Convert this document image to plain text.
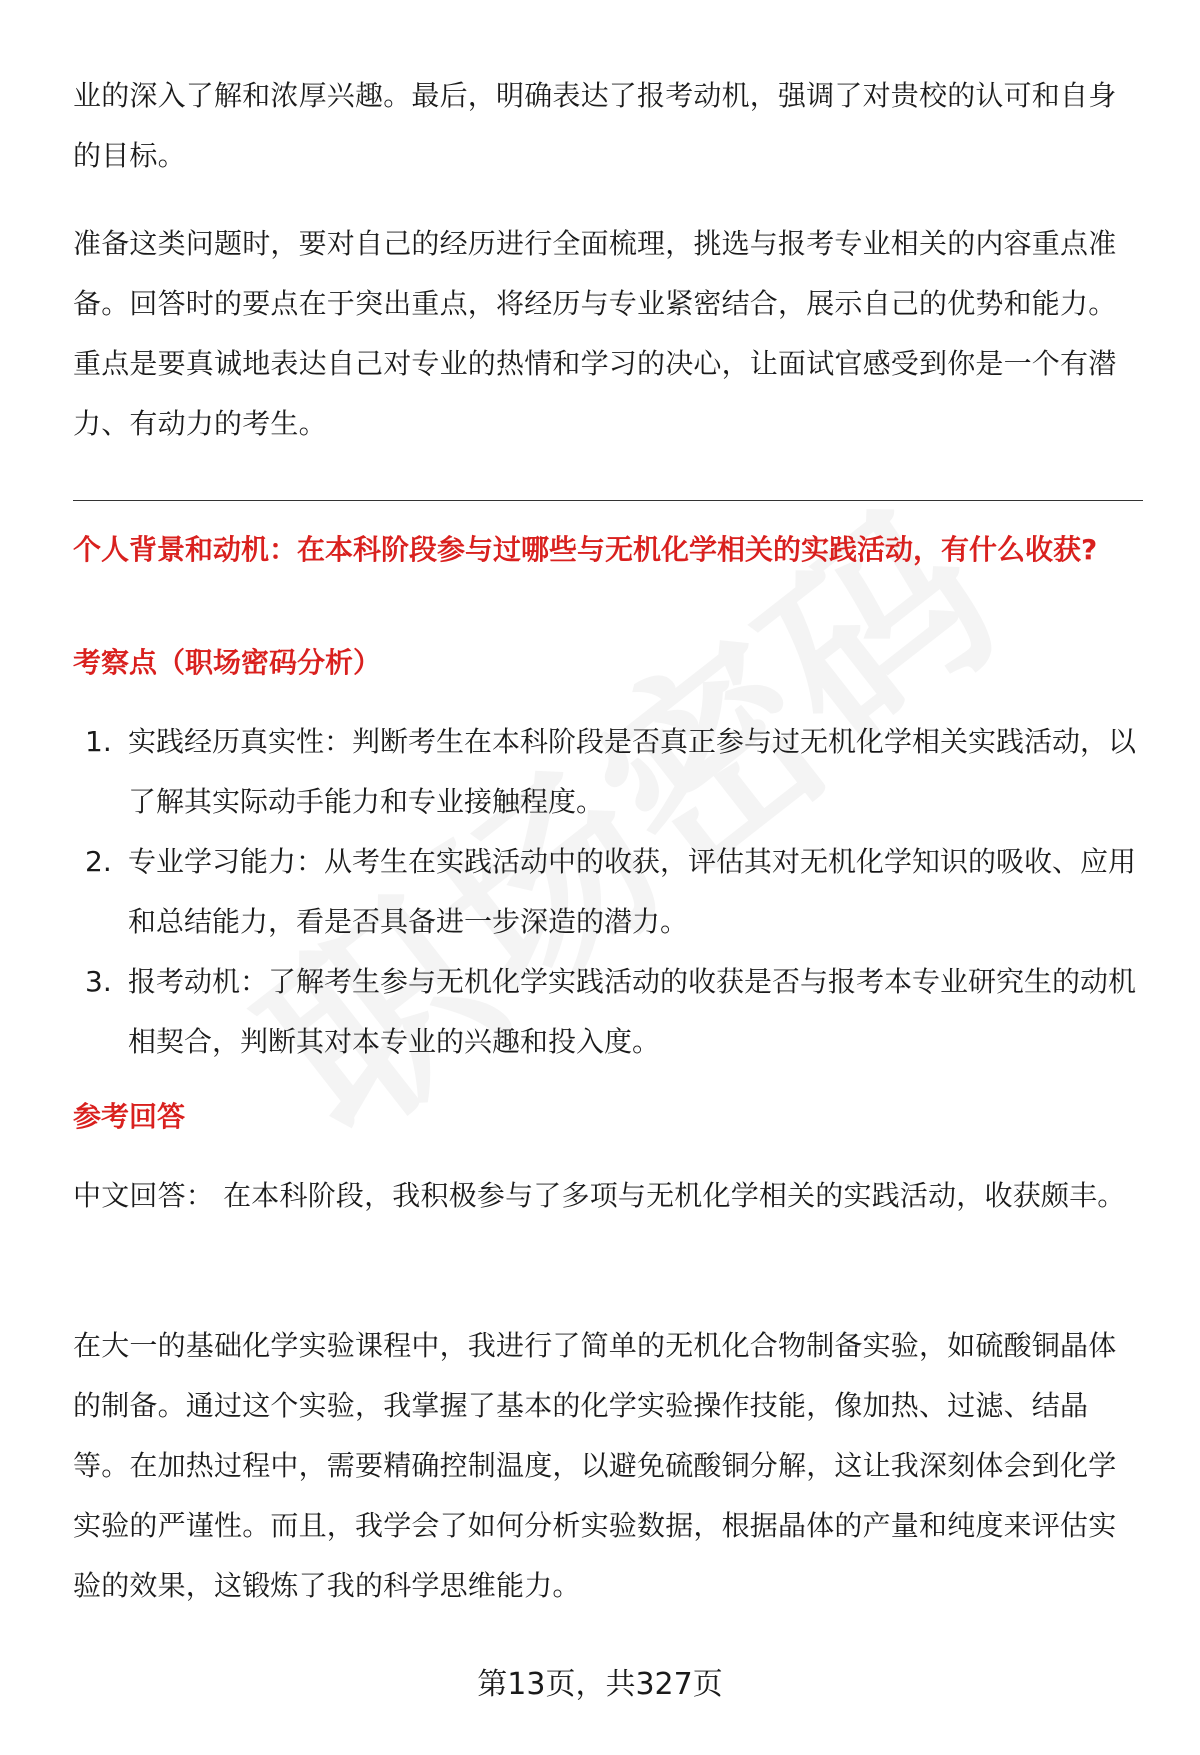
业的深入了解和浓厚兴趣。最后，明确表达了报考动机，强调了对贵校的认可和自身的目标。

准备这类问题时，要对自己的经历进行全面梳理，挑选与报考专业相关的内容重点准备。回答时的要点在于突出重点，将经历与专业紧密结合，展示自己的优势和能力。重点是要真诚地表达自己对专业的热情和学习的决心，让面试官感受到你是一个有潜力、有动力的考生。

个人背景和动机：在本科阶段参与过哪些与无机化学相关的实践活动，有什么收获?

考察点（职场密码分析）

1. 实践经历真实性：判断考生在本科阶段是否真正参与过无机化学相关实践活动，以了解其实际动手能力和专业接触程度。
2. 专业学习能力：从考生在实践活动中的收获，评估其对无机化学知识的吸收、应用和总结能力，看是否具备进一步深造的潜力。
3. 报考动机：了解考生参与无机化学实践活动的收获是否与报考本专业研究生的动机相契合，判断其对本专业的兴趣和投入度。

参考回答

中文回答： 在本科阶段，我积极参与了多项与无机化学相关的实践活动，收获颇丰。

在大一的基础化学实验课程中，我进行了简单的无机化合物制备实验，如硫酸铜晶体的制备。通过这个实验，我掌握了基本的化学实验操作技能，像加热、过滤、结晶等。在加热过程中，需要精确控制温度，以避免硫酸铜分解，这让我深刻体会到化学实验的严谨性。而且，我学会了如何分析实验数据，根据晶体的产量和纯度来评估实验的效果，这锻炼了我的科学思维能力。

第13页，共327页
